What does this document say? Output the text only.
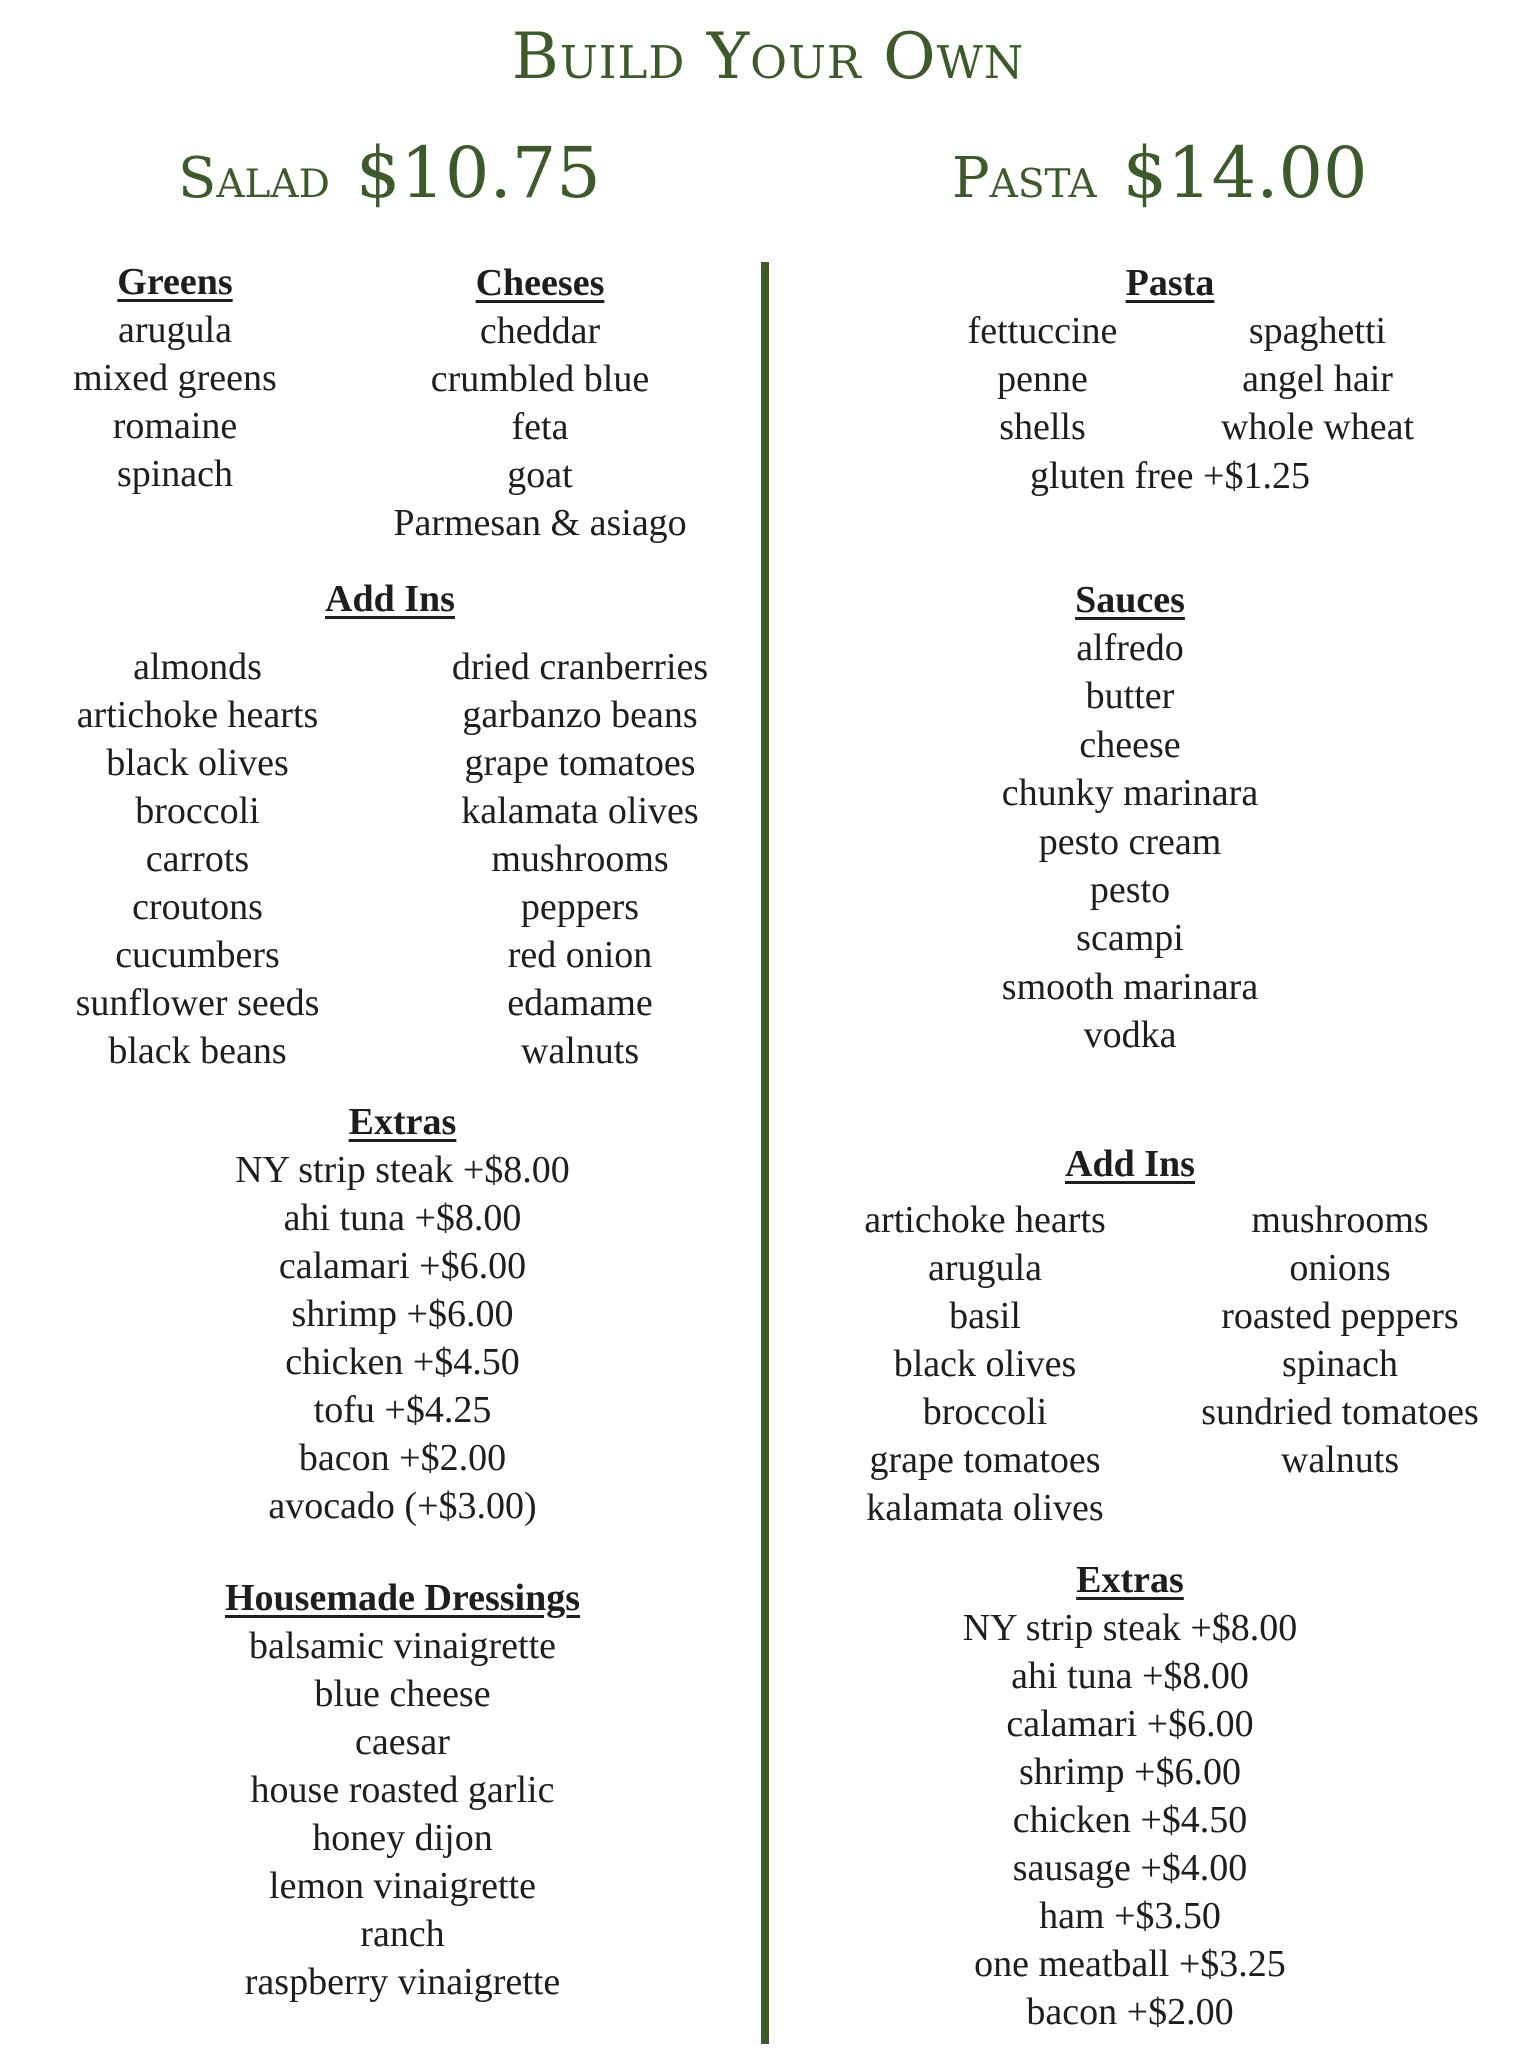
Build Your Own
Salad $10.75	Pasta $14.00
Greens
arugula
mixed greens
romaine
spinach
Cheeses
cheddar
crumbled blue
feta
goat
Parmesan & asiago
Add Ins
almonds
artichoke hearts
black olives
broccoli
carrots
croutons
cucumbers
sunflower seeds
black beans
dried cranberries
garbanzo beans
grape tomatoes
kalamata olives
mushrooms
peppers
red onion
edamame
walnuts
Extras
NY strip steak +$8.00
ahi tuna +$8.00
calamari +$6.00
shrimp +$6.00
chicken +$4.50
tofu +$4.25
bacon +$2.00
avocado (+$3.00)
Housemade Dressings
balsamic vinaigrette
blue cheese
caesar
house roasted garlic
honey dijon
lemon vinaigrette
ranch
raspberry vinaigrette
Pasta
fettuccine
penne
shells
spaghetti
angel hair
whole wheat
gluten free +$1.25
Sauces
alfredo
butter
cheese
chunky marinara
pesto cream
pesto
scampi
smooth marinara
vodka
Add Ins
artichoke hearts
arugula
basil
black olives
broccoli
grape tomatoes
kalamata olives
mushrooms
onions
roasted peppers
spinach
sundried tomatoes
walnuts
Extras
NY strip steak +$8.00
ahi tuna +$8.00
calamari +$6.00
shrimp +$6.00
chicken +$4.50
sausage +$4.00
ham +$3.50
one meatball +$3.25
bacon +$2.00
